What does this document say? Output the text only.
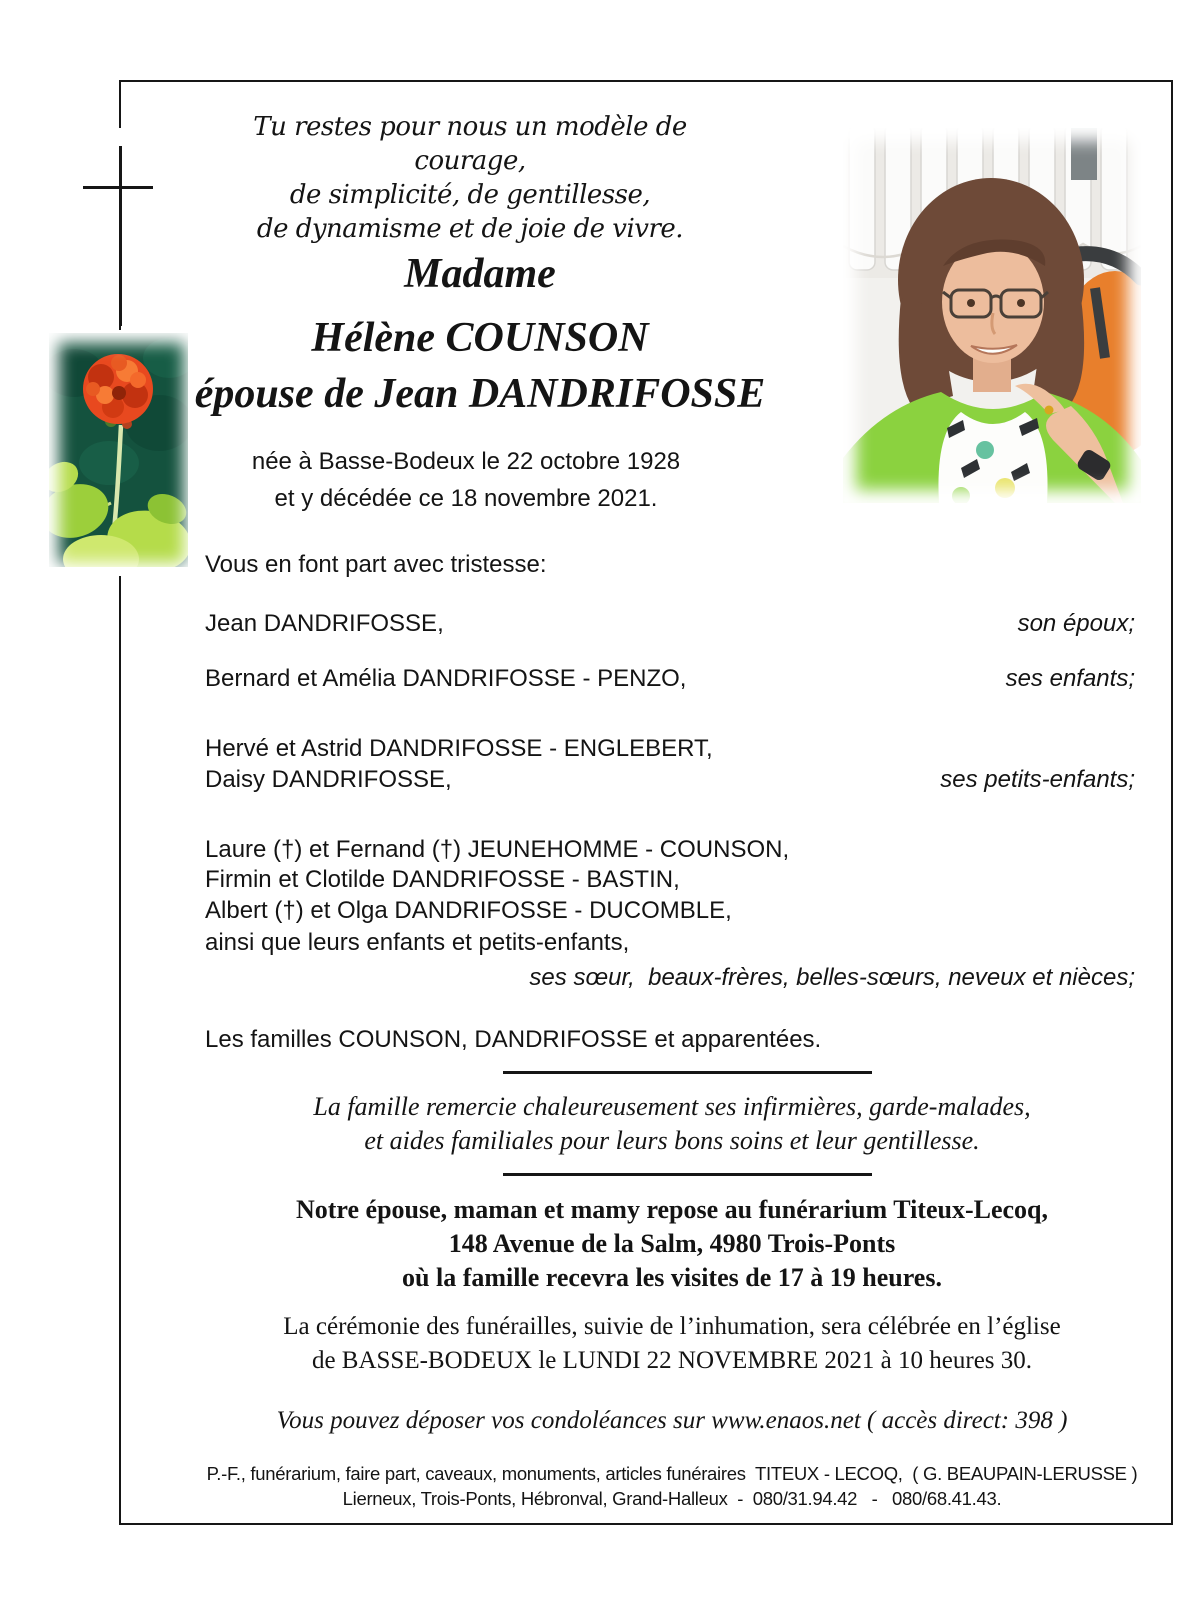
Tu restes pour nous un modèle de courage,
de simplicité, de gentillesse,
de dynamisme et de joie de vivre.
Madame
Hélène COUNSON
épouse de Jean DANDRIFOSSE
née à Basse-Bodeux le 22 octobre 1928
et y décédée ce 18 novembre 2021.
Vous en font part avec tristesse:
Jean DANDRIFOSSE,	son époux;
Bernard et Amélia DANDRIFOSSE - PENZO,	ses enfants;
Hervé et Astrid DANDRIFOSSE - ENGLEBERT,
Daisy DANDRIFOSSE,	ses petits-enfants;
Laure (†) et Fernand (†) JEUNEHOMME - COUNSON,
Firmin et Clotilde DANDRIFOSSE - BASTIN,
Albert (†) et Olga DANDRIFOSSE - DUCOMBLE,
ainsi que leurs enfants et petits-enfants,
ses sœur,  beaux-frères, belles-sœurs, neveux et nièces;
Les familles COUNSON, DANDRIFOSSE et apparentées.
La famille remercie chaleureusement ses infirmières, garde-malades,
et aides familiales pour leurs bons soins et leur gentillesse.
Notre épouse, maman et mamy repose au funérarium Titeux-Lecoq,
148 Avenue de la Salm, 4980 Trois-Ponts
où la famille recevra les visites de 17 à 19 heures.
La cérémonie des funérailles, suivie de l’inhumation, sera célébrée en l’église
de BASSE-BODEUX le LUNDI 22 NOVEMBRE 2021 à 10 heures 30.
Vous pouvez déposer vos condoléances sur www.enaos.net ( accès direct: 398 )
P.-F., funérarium, faire part, caveaux, monuments, articles funéraires  TITEUX - LECOQ,  ( G. BEAUPAIN-LERUSSE )
Lierneux, Trois-Ponts, Hébronval, Grand-Halleux  -  080/31.94.42   -   080/68.41.43.
